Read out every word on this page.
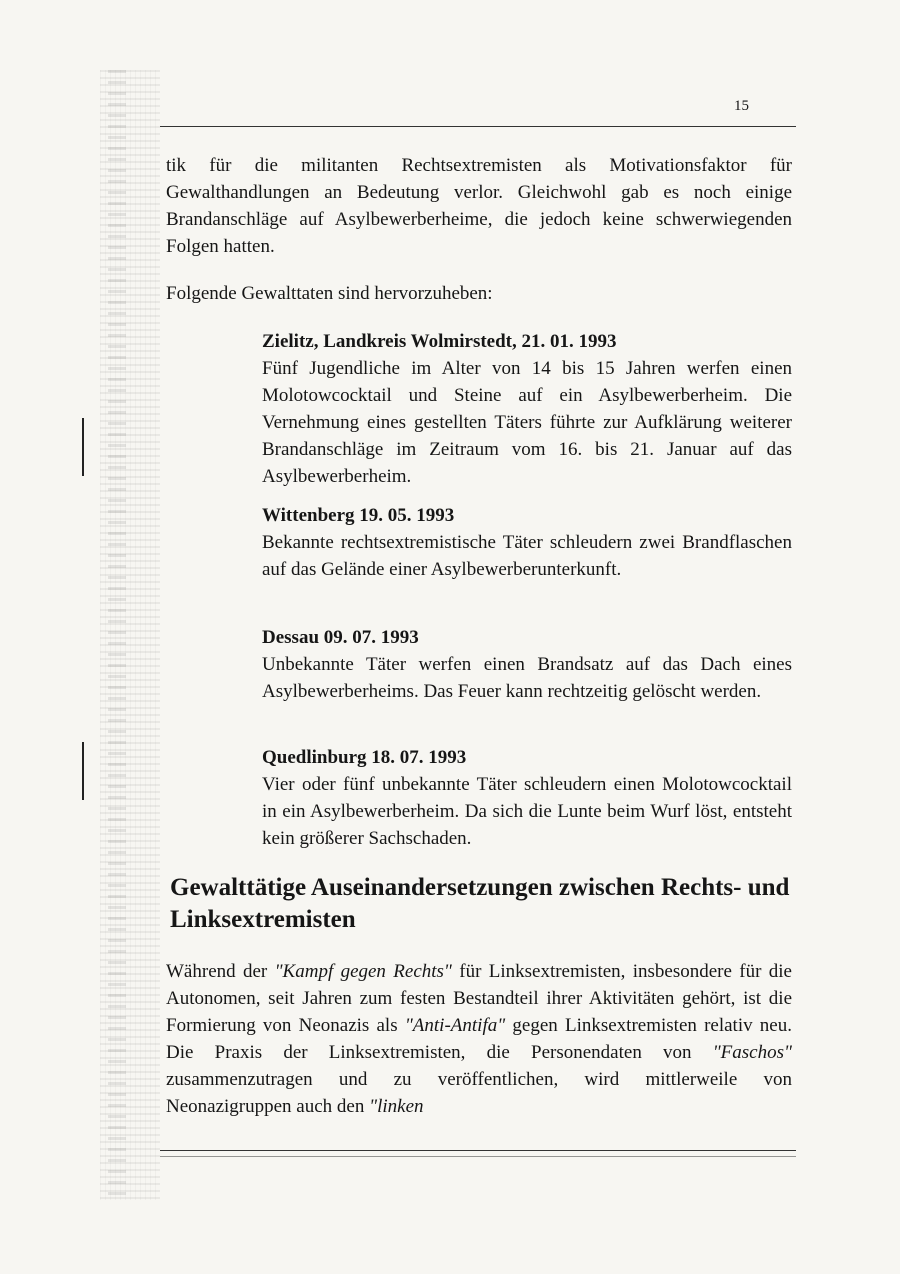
15

tik für die militanten Rechtsextremisten als Motivationsfaktor für Gewalthandlungen an Bedeutung verlor. Gleichwohl gab es noch einige Brandanschläge auf Asylbewerberheime, die jedoch keine schwerwiegenden Folgen hatten.

Folgende Gewalttaten sind hervorzuheben:

Zielitz, Landkreis Wolmirstedt, 21. 01. 1993

Fünf Jugendliche im Alter von 14 bis 15 Jahren werfen einen Molotowcocktail und Steine auf ein Asylbewerberheim. Die Vernehmung eines gestellten Täters führte zur Aufklärung weiterer Brandanschläge im Zeitraum vom 16. bis 21. Januar auf das Asylbewerberheim.

Wittenberg 19. 05. 1993

Bekannte rechtsextremistische Täter schleudern zwei Brandflaschen auf das Gelände einer Asylbewerberunterkunft.

Dessau 09. 07. 1993

Unbekannte Täter werfen einen Brandsatz auf das Dach eines Asylbewerberheims. Das Feuer kann rechtzeitig gelöscht werden.

Quedlinburg 18. 07. 1993

Vier oder fünf unbekannte Täter schleudern einen Molotowcocktail in ein Asylbewerberheim. Da sich die Lunte beim Wurf löst, entsteht kein größerer Sachschaden.

Gewalttätige Auseinandersetzungen zwischen Rechts- und Linksextremisten

Während der "Kampf gegen Rechts" für Linksextremisten, insbesondere für die Autonomen, seit Jahren zum festen Bestandteil ihrer Aktivitäten gehört, ist die Formierung von Neonazis als "Anti-Antifa" gegen Linksextremisten relativ neu. Die Praxis der Linksextremisten, die Personendaten von "Faschos" zusammenzutragen und zu veröffentlichen, wird mittlerweile von Neonazigruppen auch den "linken
